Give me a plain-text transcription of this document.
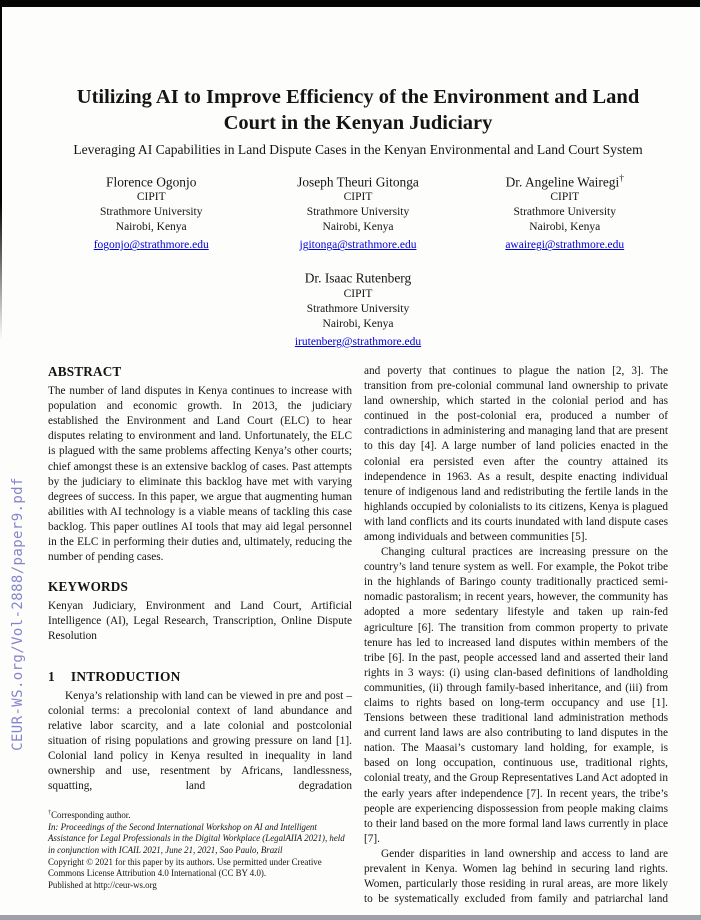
CEUR-WS.org/Vol-2888/paper9.pdf
Utilizing AI to Improve Efficiency of the Environment and Land Court in the Kenyan Judiciary
Leveraging AI Capabilities in Land Dispute Cases in the Kenyan Environmental and Land Court System
Florence Ogonjo
CIPIT
Strathmore University
Nairobi, Kenya
fogonjo@strathmore.edu
Joseph Theuri Gitonga
CIPIT
Strathmore University
Nairobi, Kenya
jgitonga@strathmore.edu
Dr. Angeline Wairegi†
CIPIT
Strathmore University
Nairobi, Kenya
awairegi@strathmore.edu
Dr. Isaac Rutenberg
CIPIT
Strathmore University
Nairobi, Kenya
irutenberg@strathmore.edu
ABSTRACT

The number of land disputes in Kenya continues to increase with population and economic growth. In 2013, the judiciary established the Environment and Land Court (ELC) to hear disputes relating to environment and land. Unfortunately, the ELC is plagued with the same problems affecting Kenya’s other courts; chief amongst these is an extensive backlog of cases. Past attempts by the judiciary to eliminate this backlog have met with varying degrees of success. In this paper, we argue that augmenting human abilities with AI technology is a viable means of tackling this case backlog. This paper outlines AI tools that may aid legal personnel in the ELC in performing their duties and, ultimately, reducing the number of pending cases.

KEYWORDS

Kenyan Judiciary, Environment and Land Court, Artificial Intelligence (AI), Legal Research, Transcription, Online Dispute Resolution

1 INTRODUCTION

Kenya’s relationship with land can be viewed in pre and post – colonial terms: a precolonial context of land abundance and relative labor scarcity, and a late colonial and postcolonial situation of rising populations and growing pressure on land [1]. Colonial land policy in Kenya resulted in inequality in land ownership and use, resentment by Africans, landlessness, squatting, land degradation

†Corresponding author.

In: Proceedings of the Second International Workshop on AI and Intelligent Assistance for Legal Professionals in the Digital Workplace (LegalAIIA 2021), held in conjunction with ICAIL 2021, June 21, 2021, Sao Paulo, Brazil

Copyright © 2021 for this paper by its authors. Use permitted under Creative Commons License Attribution 4.0 International (CC BY 4.0).

Published at http://ceur-ws.org

and poverty that continues to plague the nation [2, 3]. The transition from pre-colonial communal land ownership to private land ownership, which started in the colonial period and has continued in the post-colonial era, produced a number of contradictions in administering and managing land that are present to this day [4]. A large number of land policies enacted in the colonial era persisted even after the country attained its independence in 1963. As a result, despite enacting individual tenure of indigenous land and redistributing the fertile lands in the highlands occupied by colonialists to its citizens, Kenya is plagued with land conflicts and its courts inundated with land dispute cases among individuals and between communities [5].

Changing cultural practices are increasing pressure on the country’s land tenure system as well. For example, the Pokot tribe in the highlands of Baringo county traditionally practiced semi-nomadic pastoralism; in recent years, however, the community has adopted a more sedentary lifestyle and taken up rain-fed agriculture [6]. The transition from common property to private tenure has led to increased land disputes within members of the tribe [6]. In the past, people accessed land and asserted their land rights in 3 ways: (i) using clan-based definitions of landholding communities, (ii) through family-based inheritance, and (iii) from claims to rights based on long-term occupancy and use [1]. Tensions between these traditional land administration methods and current land laws are also contributing to land disputes in the nation. The Maasai’s customary land holding, for example, is based on long occupation, continuous use, traditional rights, colonial treaty, and the Group Representatives Land Act adopted in the early years after independence [7]. In recent years, the tribe’s people are experiencing dispossession from people making claims to their land based on the more formal land laws currently in place [7].

Gender disparities in land ownership and access to land are prevalent in Kenya. Women lag behind in securing land rights. Women, particularly those residing in rural areas, are more likely to be systematically excluded from family and patriarchal land
